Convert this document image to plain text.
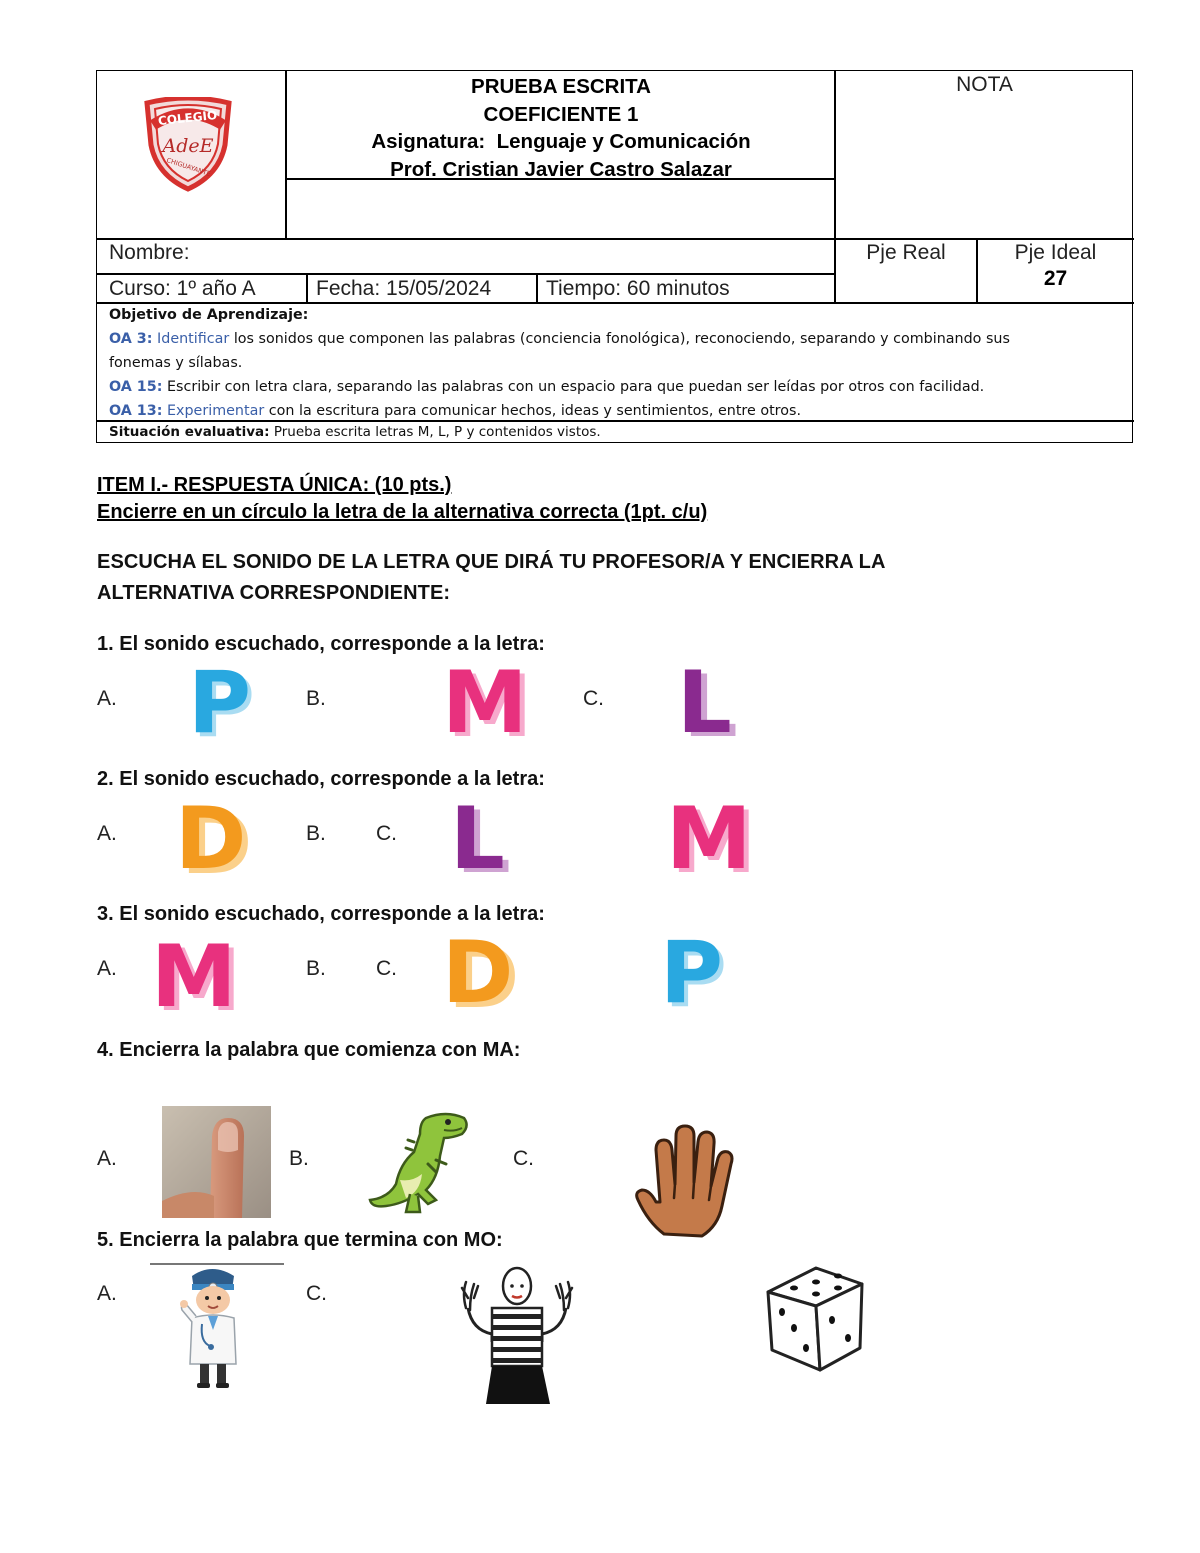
COLEGIO
AdeE
CHIGUAYANTE
PRUEBA ESCRITA
COEFICIENTE 1
Asignatura:  Lenguaje y Comunicación
Prof. Cristian Javier Castro Salazar
NOTA
Nombre:	Pje Real	Pje Ideal
27
Curso: 1º año A	Fecha: 15/05/2024	Tiempo: 60 minutos
Objetivo de Aprendizaje:
OA 3: Identificar los sonidos que componen las palabras (conciencia fonológica), reconociendo, separando y combinando sus
fonemas y sílabas.
OA 15: Escribir con letra clara, separando las palabras con un espacio para que puedan ser leídas por otros con facilidad.
OA 13: Experimentar con la escritura para comunicar hechos, ideas y sentimientos, entre otros.
Situación evaluativa: Prueba escrita letras M, L, P y contenidos vistos.
ITEM I.- RESPUESTA ÚNICA: (10 pts.)
Encierre en un círculo la letra de la alternativa correcta (1pt. c/u)
ESCUCHA EL SONIDO DE LA LETRA QUE DIRÁ TU PROFESOR/A Y ENCIERRA LA
ALTERNATIVA CORRESPONDIENTE:
1. El sonido escuchado, corresponde a la letra:
A. P	B. M	C. L
2. El sonido escuchado, corresponde a la letra:
A. D	B. C. L M
3. El sonido escuchado, corresponde a la letra:
A. M	B. C. D P
4. Encierra la palabra que comienza con MA:
A.	B.	C.
5. Encierra la palabra que termina con MO:
A.	C.
